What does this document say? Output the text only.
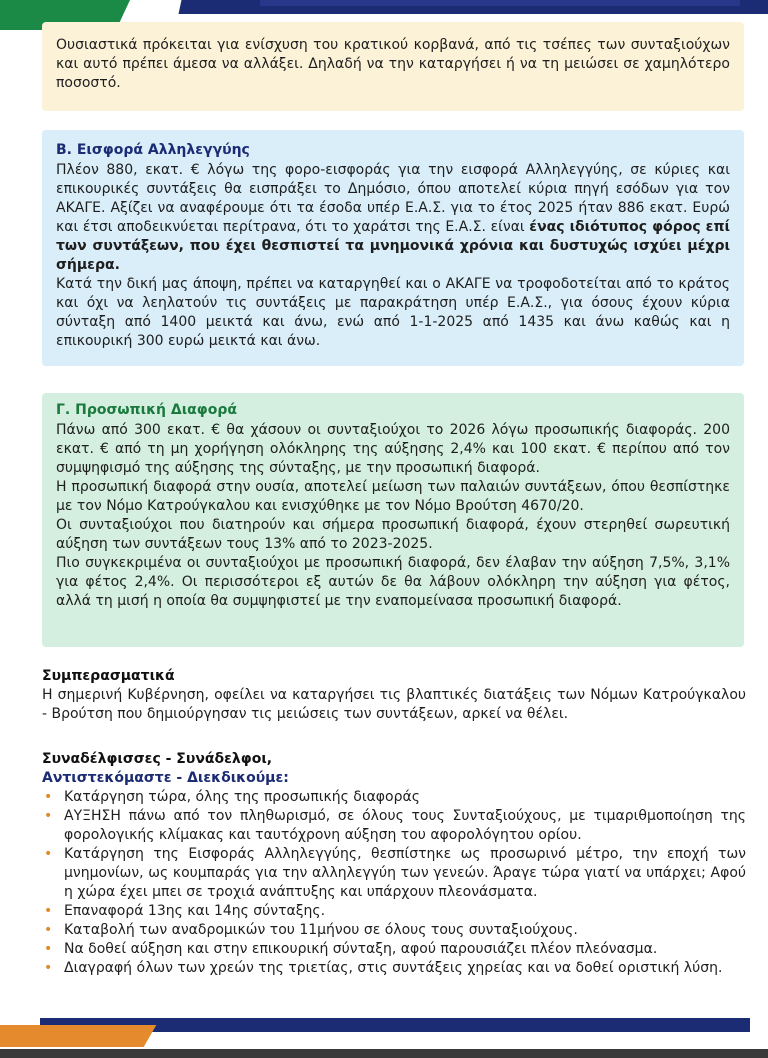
Ουσιαστικά πρόκειται για ενίσχυση του κρατικού κορβανά, από τις τσέπες των συνταξιούχων και αυτό πρέπει άμεσα να αλλάξει. Δηλαδή να την καταργήσει ή να τη μειώσει σε χαμηλότερο ποσοστό.

Β. Εισφορά Αλληλεγγύης

Πλέον 880, εκατ. € λόγω της φορο-εισφοράς για την εισφορά Αλληλεγγύης, σε κύριες και επικουρικές συντάξεις θα εισπράξει το Δημόσιο, όπου αποτελεί κύρια πηγή εσόδων για τον ΑΚΑΓΕ. Αξίζει να αναφέρουμε ότι τα έσοδα υπέρ Ε.Α.Σ. για το έτος 2025 ήταν 886 εκατ. Ευρώ και έτσι αποδεικνύεται περίτρανα, ότι το χαράτσι της Ε.Α.Σ. είναι ένας ιδιότυπος φόρος επί των συντάξεων, που έχει θεσπιστεί τα μνημονικά χρόνια και δυστυχώς ισχύει μέχρι σήμερα.

Κατά την δική μας άποψη, πρέπει να καταργηθεί και ο ΑΚΑΓΕ να τροφοδοτείται από το κράτος και όχι να λεηλατούν τις συντάξεις με παρακράτηση υπέρ Ε.Α.Σ., για όσους έχουν κύρια σύνταξη από 1400 μεικτά και άνω, ενώ από 1-1-2025 από 1435 και άνω καθώς και η επικουρική 300 ευρώ μεικτά και άνω.

Γ. Προσωπική Διαφορά

Πάνω από 300 εκατ. € θα χάσουν οι συνταξιούχοι το 2026 λόγω προσωπικής διαφοράς. 200 εκατ. € από τη μη χορήγηση ολόκληρης της αύξησης 2,4% και 100 εκατ. € περίπου από τον συμψηφισμό της αύξησης της σύνταξης, με την προσωπική διαφορά.

Η προσωπική διαφορά στην ουσία, αποτελεί μείωση των παλαιών συντάξεων, όπου θεσπίστηκε με τον Νόμο Κατρούγκαλου και ενισχύθηκε με τον Νόμο Βρούτση 4670/20.

Οι συνταξιούχοι που διατηρούν και σήμερα προσωπική διαφορά, έχουν στερηθεί σωρευτική αύξηση των συντάξεων τους 13% από το 2023-2025.

Πιο συγκεκριμένα οι συνταξιούχοι με προσωπική διαφορά, δεν έλαβαν την αύξηση 7,5%, 3,1% για φέτος 2,4%. Οι περισσότεροι εξ αυτών δε θα λάβουν ολόκληρη την αύξηση για φέτος, αλλά τη μισή η οποία θα συμψηφιστεί με την εναπομείνασα προσωπική διαφορά.

Συμπερασματικά

Η σημερινή Κυβέρνηση, οφείλει να καταργήσει τις βλαπτικές διατάξεις των Νόμων Κατρούγκαλου - Βρούτση που δημιούργησαν τις μειώσεις των συντάξεων, αρκεί να θέλει.

Συναδέλφισσες - Συνάδελφοι,
Αντιστεκόμαστε - Διεκδικούμε:
• Κατάργηση τώρα, όλης της προσωπικής διαφοράς
• ΑΥΞΗΣΗ πάνω από τον πληθωρισμό, σε όλους τους Συνταξιούχους, με τιμαριθμοποίηση της φορολογικής κλίμακας και ταυτόχρονη αύξηση του αφορολόγητου ορίου.
• Κατάργηση της Εισφοράς Αλληλεγγύης, θεσπίστηκε ως προσωρινό μέτρο, την εποχή των μνημονίων, ως κουμπαράς για την αλληλεγγύη των γενεών. Άραγε τώρα γιατί να υπάρχει; Αφού η χώρα έχει μπει σε τροχιά ανάπτυξης και υπάρχουν πλεονάσματα.
• Επαναφορά 13ης και 14ης σύνταξης.
• Καταβολή των αναδρομικών του 11μήνου σε όλους τους συνταξιούχους.
• Να δοθεί αύξηση και στην επικουρική σύνταξη, αφού παρουσιάζει πλέον πλεόνασμα.
• Διαγραφή όλων των χρεών της τριετίας, στις συντάξεις χηρείας και να δοθεί οριστική λύση.
